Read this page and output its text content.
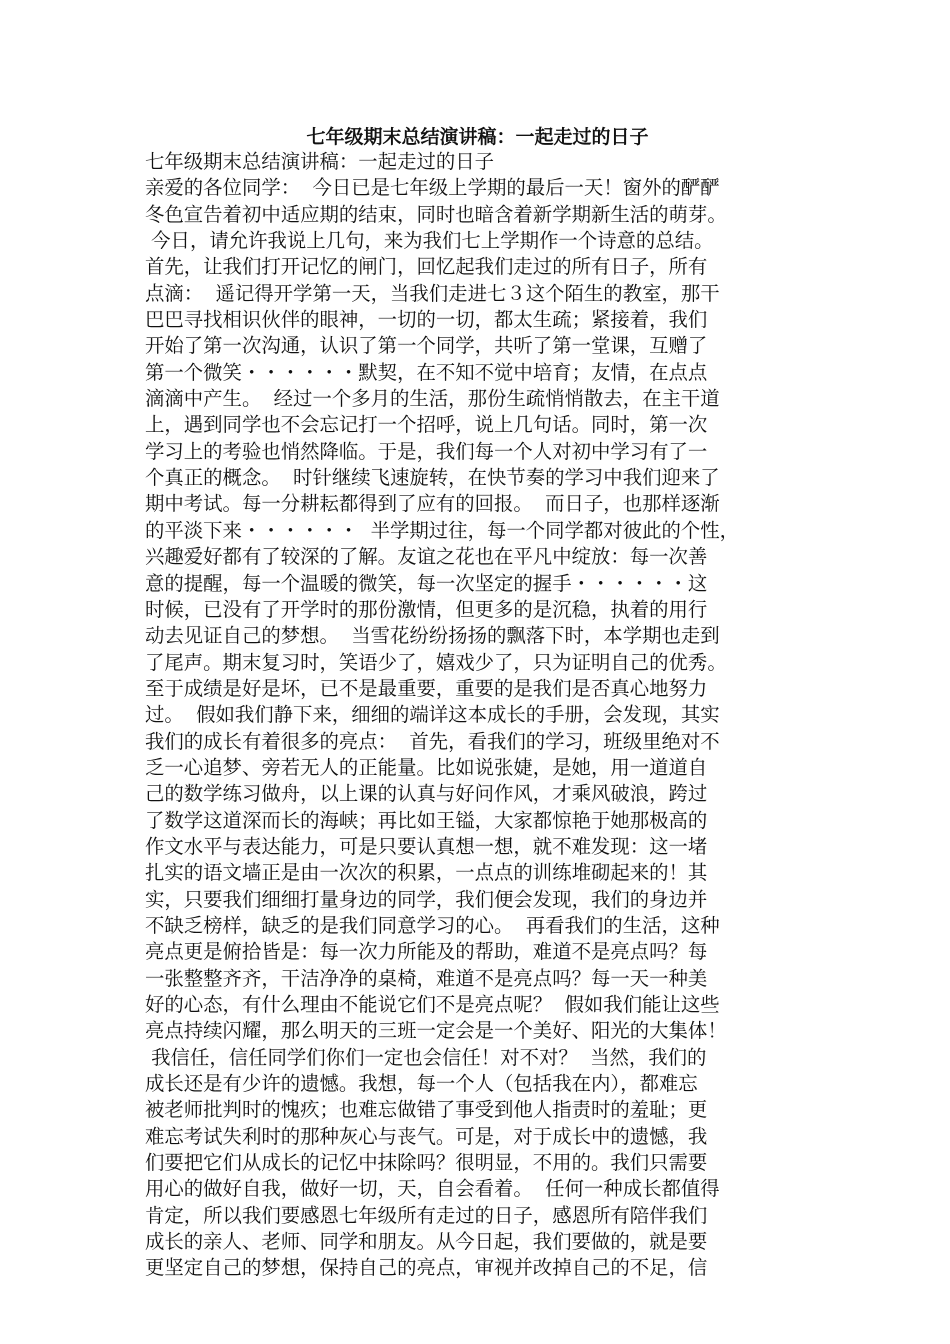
七年级期末总结演讲稿：一起走过的日子
七年级期末总结演讲稿：一起走过的日子
亲爱的各位同学：  今日已是七年级上学期的最后一天！窗外的酽酽
冬色宣告着初中适应期的结束，同时也暗含着新学期新生活的萌芽。
今日，请允许我说上几句，来为我们七上学期作一个诗意的总结。
首先，让我们打开记忆的闸门，回忆起我们走过的所有日子，所有
点滴：  遥记得开学第一天，当我们走进七３这个陌生的教室，那干
巴巴寻找相识伙伴的眼神，一切的一切，都太生疏；紧接着，我们
开始了第一次沟通，认识了第一个同学，共听了第一堂课，互赠了
第一个微笑・・・・・・默契，在不知不觉中培育；友情，在点点
滴滴中产生。  经过一个多月的生活，那份生疏悄悄散去，在主干道
上，遇到同学也不会忘记打一个招呼，说上几句话。同时，第一次
学习上的考验也悄然降临。于是，我们每一个人对初中学习有了一
个真正的概念。  时针继续飞速旋转，在快节奏的学习中我们迎来了
期中考试。每一分耕耘都得到了应有的回报。  而日子，也那样逐渐
的平淡下来・・・・・・  半学期过往，每一个同学都对彼此的个性，
兴趣爱好都有了较深的了解。友谊之花也在平凡中绽放：每一次善
意的提醒，每一个温暖的微笑，每一次坚定的握手・・・・・・这
时候，已没有了开学时的那份激情，但更多的是沉稳，执着的用行
动去见证自己的梦想。  当雪花纷纷扬扬的飘落下时，本学期也走到
了尾声。期末复习时，笑语少了，嬉戏少了，只为证明自己的优秀。
至于成绩是好是坏，已不是最重要，重要的是我们是否真心地努力
过。  假如我们静下来，细细的端详这本成长的手册，会发现，其实
我们的成长有着很多的亮点：  首先，看我们的学习，班级里绝对不
乏一心追梦、旁若无人的正能量。比如说张婕，是她，用一道道自
己的数学练习做舟，以上课的认真与好问作风，才乘风破浪，跨过
了数学这道深而长的海峡；再比如王镒，大家都惊艳于她那极高的
作文水平与表达能力，可是只要认真想一想，就不难发现：这一堵
扎实的语文墙正是由一次次的积累，一点点的训练堆砌起来的！其
实，只要我们细细打量身边的同学，我们便会发现，我们的身边并
不缺乏榜样，缺乏的是我们同意学习的心。  再看我们的生活，这种
亮点更是俯拾皆是：每一次力所能及的帮助，难道不是亮点吗？每
一张整整齐齐，干洁净净的桌椅，难道不是亮点吗？每一天一种美
好的心态，有什么理由不能说它们不是亮点呢？  假如我们能让这些
亮点持续闪耀，那么明天的三班一定会是一个美好、阳光的大集体！
我信任，信任同学们你们一定也会信任！对不对？  当然，我们的
成长还是有少许的遗憾。我想，每一个人（包括我在内），都难忘
被老师批判时的愧疚；也难忘做错了事受到他人指责时的羞耻；更
难忘考试失利时的那种灰心与丧气。可是，对于成长中的遗憾，我
们要把它们从成长的记忆中抹除吗？很明显，不用的。我们只需要
用心的做好自我，做好一切，天，自会看着。  任何一种成长都值得
肯定，所以我们要感恩七年级所有走过的日子，感恩所有陪伴我们
成长的亲人、老师、同学和朋友。从今日起，我们要做的，就是要
更坚定自己的梦想，保持自己的亮点，审视并改掉自己的不足，信
